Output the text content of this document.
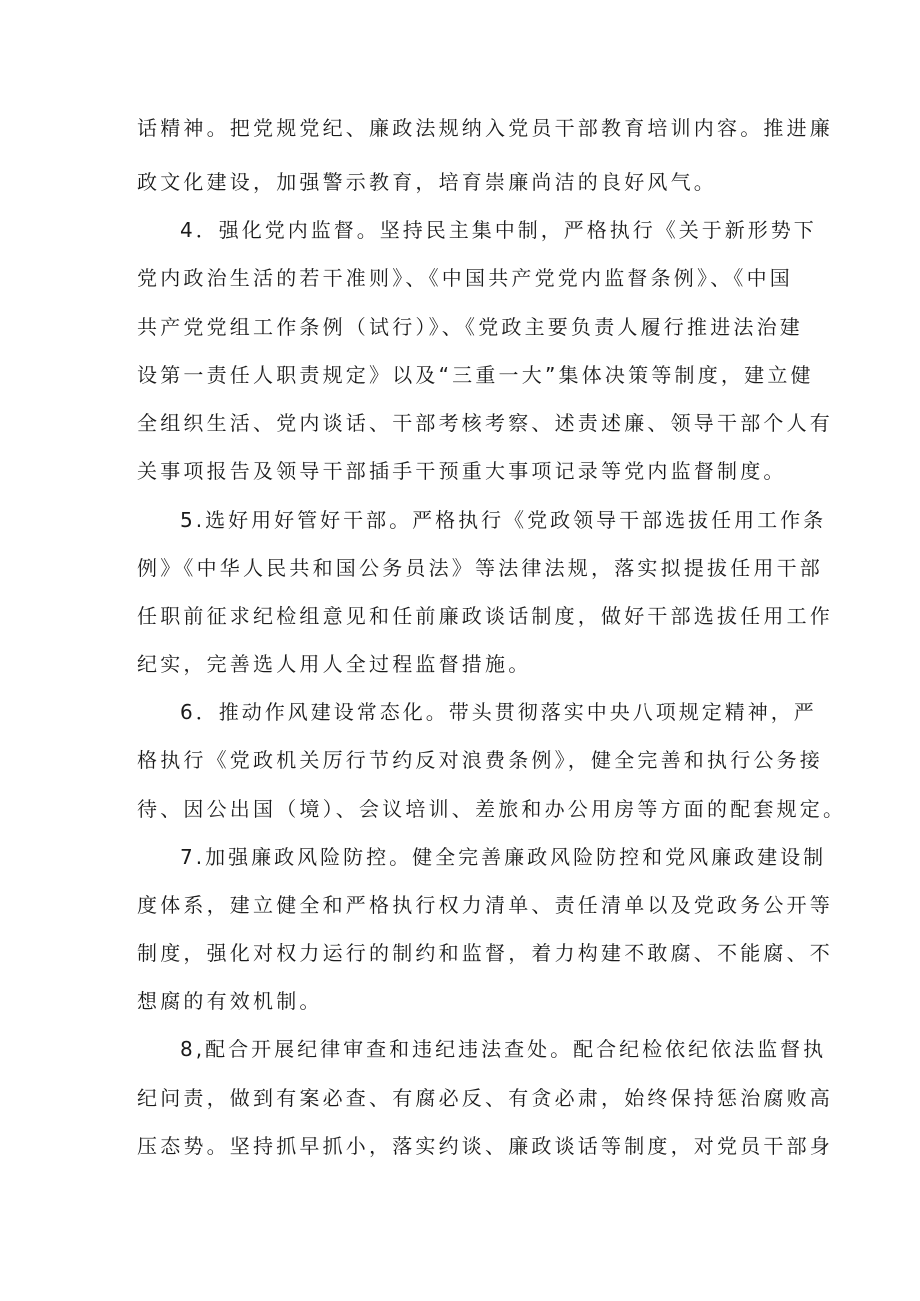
话精神。把党规党纪、廉政法规纳入党员干部教育培训内容。推进廉
政文化建设，加强警示教育，培育崇廉尚洁的良好风气。
4．强化党内监督。坚持民主集中制，严格执行《关于新形势下
党内政治生活的若干准则》、《中国共产党党内监督条例》、《中国
共产党党组工作条例（试行）》、《党政主要负责人履行推进法治建
设第一责任人职责规定》以及“三重一大”集体决策等制度，建立健
全组织生活、党内谈话、干部考核考察、述责述廉、领导干部个人有
关事项报告及领导干部插手干预重大事项记录等党内监督制度。
5.选好用好管好干部。严格执行《党政领导干部选拔任用工作条
例》《中华人民共和国公务员法》等法律法规，落实拟提拔任用干部
任职前征求纪检组意见和任前廉政谈话制度，做好干部选拔任用工作
纪实，完善选人用人全过程监督措施。
6．推动作风建设常态化。带头贯彻落实中央八项规定精神，严
格执行《党政机关厉行节约反对浪费条例》，健全完善和执行公务接
待、因公出国（境）、会议培训、差旅和办公用房等方面的配套规定。
7.加强廉政风险防控。健全完善廉政风险防控和党风廉政建设制
度体系，建立健全和严格执行权力清单、责任清单以及党政务公开等
制度，强化对权力运行的制约和监督，着力构建不敢腐、不能腐、不
想腐的有效机制。
8,配合开展纪律审查和违纪违法查处。配合纪检依纪依法监督执
纪问责，做到有案必查、有腐必反、有贪必肃，始终保持惩治腐败高
压态势。坚持抓早抓小，落实约谈、廉政谈话等制度，对党员干部身
